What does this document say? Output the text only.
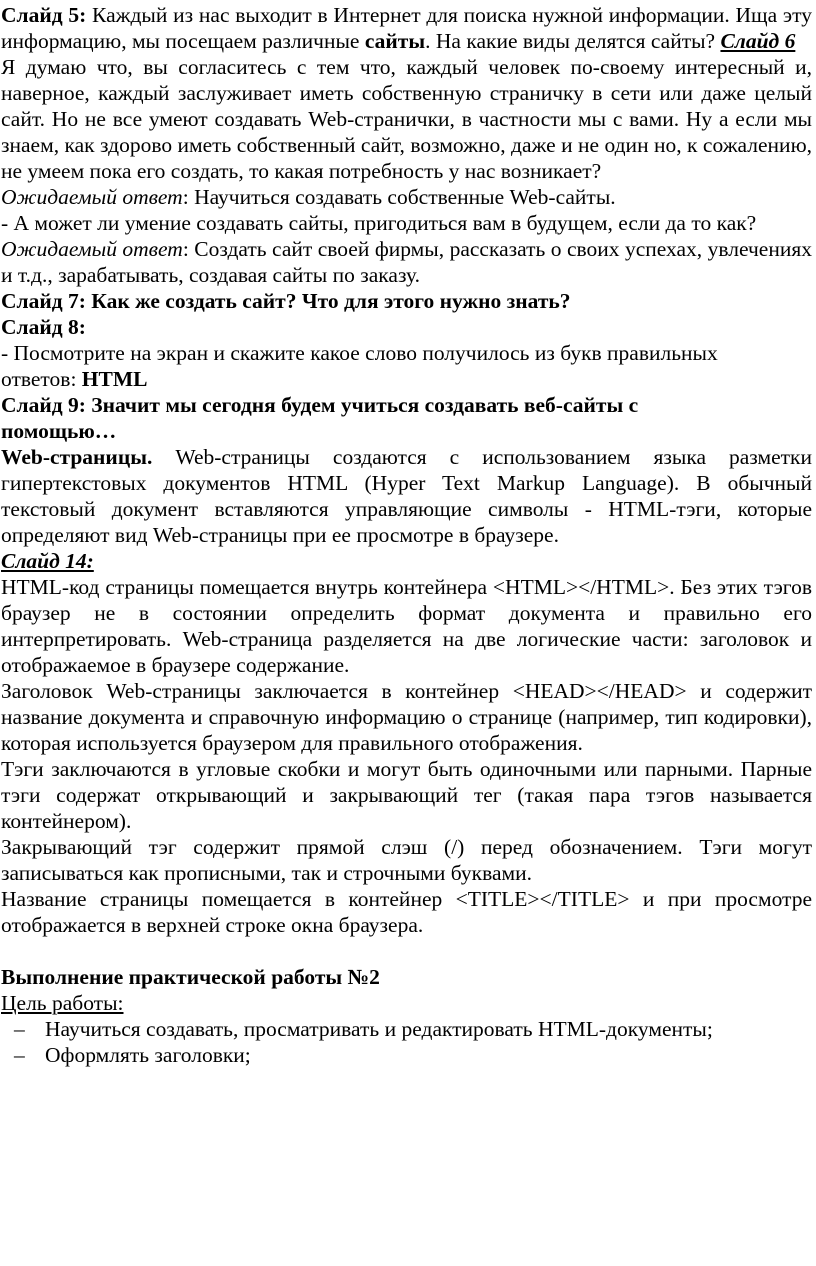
Слайд 5: Каждый из нас выходит в Интернет для поиска нужной информации. Ища эту информацию, мы посещаем различные сайты. На какие виды делятся сайты? Слайд 6

Я думаю что, вы согласитесь с тем что, каждый человек по-своему интересный и, наверное, каждый заслуживает иметь собственную страничку в сети или даже целый сайт. Но не все умеют создавать Web-странички, в частности мы с вами. Ну а если мы знаем, как здорово иметь собственный сайт, возможно, даже и не один но, к сожалению, не умеем пока его создать, то какая потребность у нас возникает?

Ожидаемый ответ: Научиться создавать собственные Web-сайты.

- А может ли умение создавать сайты, пригодиться вам в будущем, если да то как?

Ожидаемый ответ: Создать сайт своей фирмы, рассказать о своих успехах, увлечениях и т.д., зарабатывать, создавая сайты по заказу.

Слайд 7: Как же создать сайт? Что для этого нужно знать?

Слайд 8:

- Посмотрите на экран и скажите какое слово получилось из букв правильных ответов: HTML

Слайд 9: Значит мы сегодня будем учиться создавать веб-сайты с помощью…

Web-страницы. Web-страницы создаются с использованием языка разметки гипертекстовых документов HTML (Hyper Text Markup Language). В обычный текстовый документ вставляются управляющие символы - HTML-тэги, которые определяют вид Web-страницы при ее просмотре в браузере.

Слайд 14:

HTML-код страницы помещается внутрь контейнера <HTML></HTML>. Без этих тэгов браузер не в состоянии определить формат документа и правильно его интерпретировать. Web-страница разделяется на две логические части: заголовок и отображаемое в браузере содержание.

Заголовок Web-страницы заключается в контейнер <HEAD></HEAD> и содержит название документа и справочную информацию о странице (например, тип кодировки), которая используется браузером для правильного отображения.

Тэги заключаются в угловые скобки и могут быть одиночными или парными. Парные тэги содержат открывающий и закрывающий тег (такая пара тэгов называется контейнером).

Закрывающий тэг содержит прямой слэш (/) перед обозначением. Тэги могут записываться как прописными, так и строчными буквами.

Название страницы помещается в контейнер <TITLE></TITLE> и при просмотре отображается в верхней строке окна браузера.

Выполнение практической работы №2

Цель работы:

– Научиться создавать, просматривать и редактировать HTML-документы;
– Оформлять заголовки;
